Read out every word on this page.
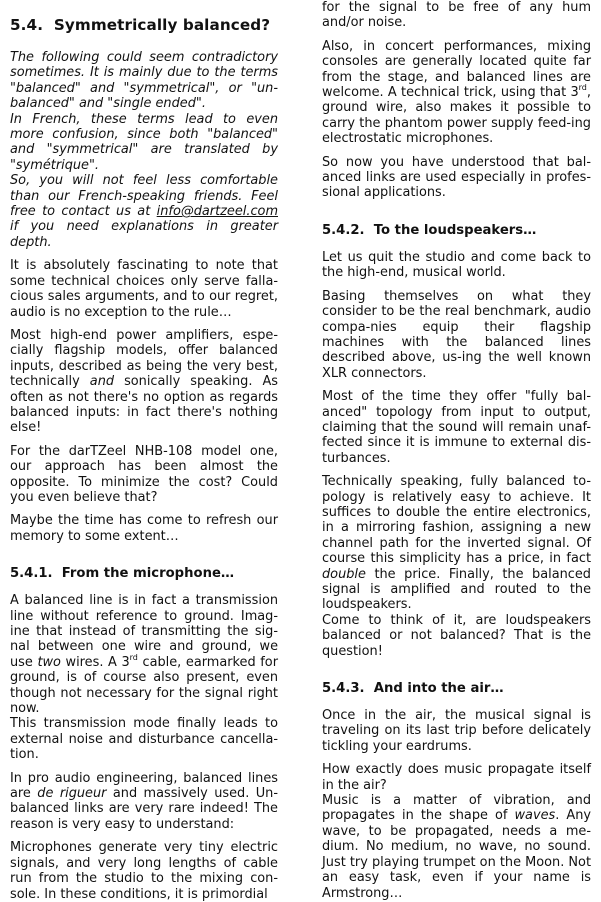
5.4. Symmetrically balanced?

The following could seem contradictory sometimes. It is mainly due to the terms "balanced" and "symmetrical", or "un-balanced" and "single ended".

In French, these terms lead to even more confusion, since both "balanced" and "symmetrical" are translated by "symétrique".

So, you will not feel less comfortable than our French-speaking friends. Feel free to contact us at info@dartzeel.com if you need explanations in greater depth.

It is absolutely fascinating to note that some technical choices only serve falla-cious sales arguments, and to our regret, audio is no exception to the rule…

Most high-end power amplifiers, espe-cially flagship models, offer balanced inputs, described as being the very best, technically and sonically speaking. As often as not there's no option as regards balanced inputs: in fact there's nothing else!

For the darTZeel NHB-108 model one, our approach has been almost the opposite. To minimize the cost? Could you even believe that?

Maybe the time has come to refresh our memory to some extent…

5.4.1. From the microphone…

A balanced line is in fact a transmission line without reference to ground. Imag-ine that instead of transmitting the sig-nal between one wire and ground, we use two wires. A 3rd cable, earmarked for ground, is of course also present, even though not necessary for the signal right now.

This transmission mode finally leads to external noise and disturbance cancella-tion.

In pro audio engineering, balanced lines are de rigueur and massively used. Un-balanced links are very rare indeed! The reason is very easy to understand:

Microphones generate very tiny electric signals, and very long lengths of cable run from the studio to the mixing con-sole. In these conditions, it is primordial

for the signal to be free of any hum and/or noise.

Also, in concert performances, mixing consoles are generally located quite far from the stage, and balanced lines are welcome. A technical trick, using that 3rd, ground wire, also makes it possible to carry the phantom power supply feed-ing electrostatic microphones.

So now you have understood that bal-anced links are used especially in profes-sional applications.

5.4.2. To the loudspeakers…

Let us quit the studio and come back to the high-end, musical world.

Basing themselves on what they consider to be the real benchmark, audio compa-nies equip their flagship machines with the balanced lines described above, us-ing the well known XLR connectors.

Most of the time they offer "fully bal-anced" topology from input to output, claiming that the sound will remain unaf-fected since it is immune to external dis-turbances.

Technically speaking, fully balanced to-pology is relatively easy to achieve. It suffices to double the entire electronics, in a mirroring fashion, assigning a new channel path for the inverted signal. Of course this simplicity has a price, in fact double the price. Finally, the balanced signal is amplified and routed to the loudspeakers.

Come to think of it, are loudspeakers balanced or not balanced? That is the question!

5.4.3. And into the air…

Once in the air, the musical signal is traveling on its last trip before delicately tickling your eardrums.

How exactly does music propagate itself in the air?

Music is a matter of vibration, and propagates in the shape of waves. Any wave, to be propagated, needs a me-dium. No medium, no wave, no sound. Just try playing trumpet on the Moon. Not an easy task, even if your name is Armstrong…
